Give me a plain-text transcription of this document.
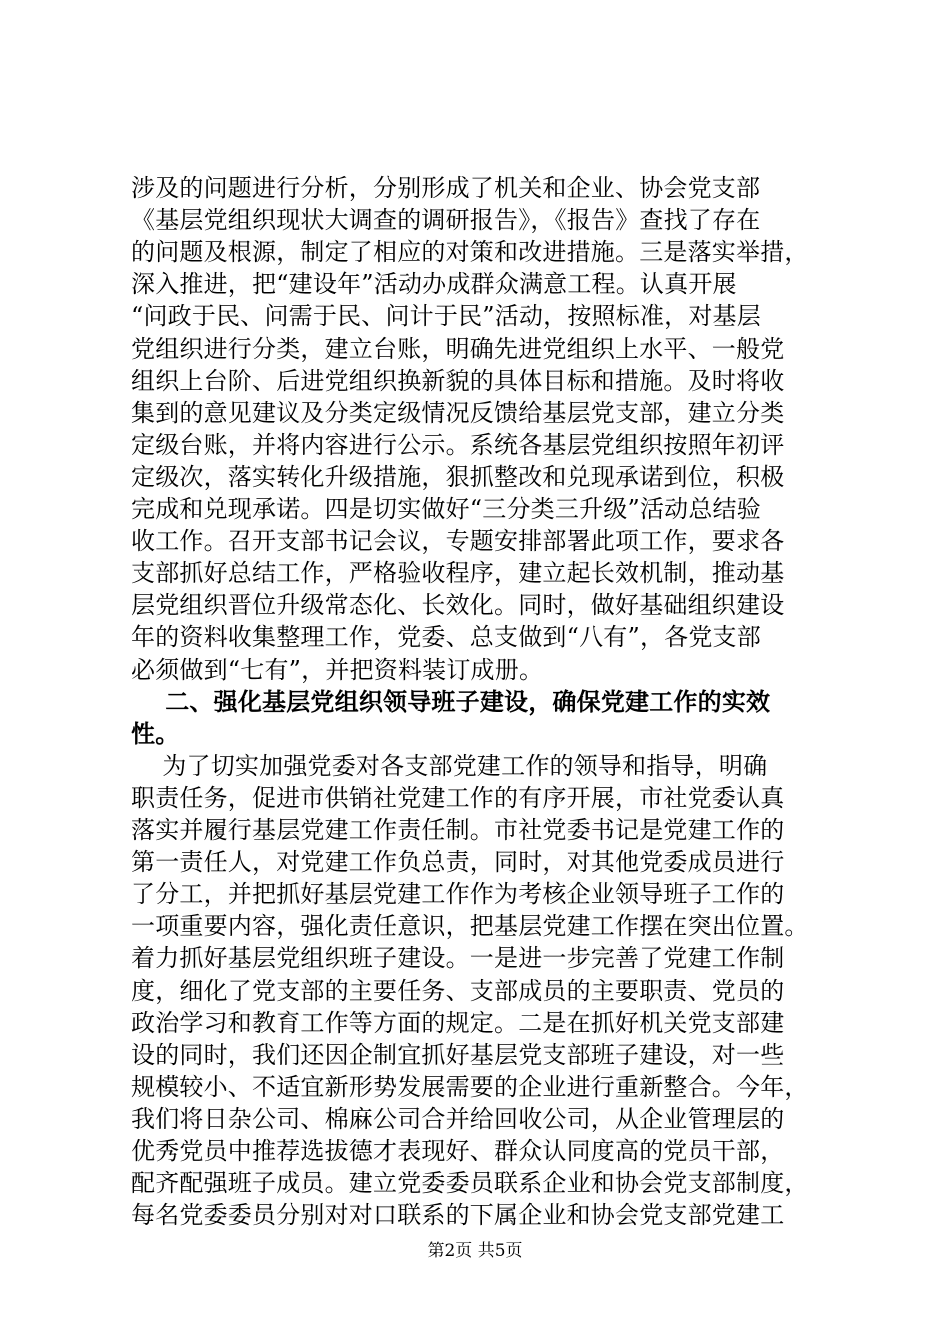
涉及的问题进行分析，分别形成了机关和企业、协会党支部
《基层党组织现状大调查的调研报告》，《报告》查找了存在
的问题及根源，制定了相应的对策和改进措施。三是落实举措，
深入推进，把“建设年”活动办成群众满意工程。认真开展
“问政于民、问需于民、问计于民”活动，按照标准，对基层
党组织进行分类，建立台账，明确先进党组织上水平、一般党
组织上台阶、后进党组织换新貌的具体目标和措施。及时将收
集到的意见建议及分类定级情况反馈给基层党支部，建立分类
定级台账，并将内容进行公示。系统各基层党组织按照年初评
定级次，落实转化升级措施，狠抓整改和兑现承诺到位，积极
完成和兑现承诺。四是切实做好“三分类三升级”活动总结验
收工作。召开支部书记会议，专题安排部署此项工作，要求各
支部抓好总结工作，严格验收程序，建立起长效机制，推动基
层党组织晋位升级常态化、长效化。同时，做好基础组织建设
年的资料收集整理工作，党委、总支做到“八有”，各党支部
必须做到“七有”，并把资料装订成册。
二、强化基层党组织领导班子建设，确保党建工作的实效
性。
为了切实加强党委对各支部党建工作的领导和指导，明确
职责任务，促进市供销社党建工作的有序开展，市社党委认真
落实并履行基层党建工作责任制。市社党委书记是党建工作的
第一责任人，对党建工作负总责，同时，对其他党委成员进行
了分工，并把抓好基层党建工作作为考核企业领导班子工作的
一项重要内容，强化责任意识，把基层党建工作摆在突出位置。
着力抓好基层党组织班子建设。一是进一步完善了党建工作制
度，细化了党支部的主要任务、支部成员的主要职责、党员的
政治学习和教育工作等方面的规定。二是在抓好机关党支部建
设的同时，我们还因企制宜抓好基层党支部班子建设，对一些
规模较小、不适宜新形势发展需要的企业进行重新整合。今年，
我们将日杂公司、棉麻公司合并给回收公司，从企业管理层的
优秀党员中推荐选拔德才表现好、群众认同度高的党员干部，
配齐配强班子成员。建立党委委员联系企业和协会党支部制度，
每名党委委员分别对对口联系的下属企业和协会党支部党建工
第2页 共5页
